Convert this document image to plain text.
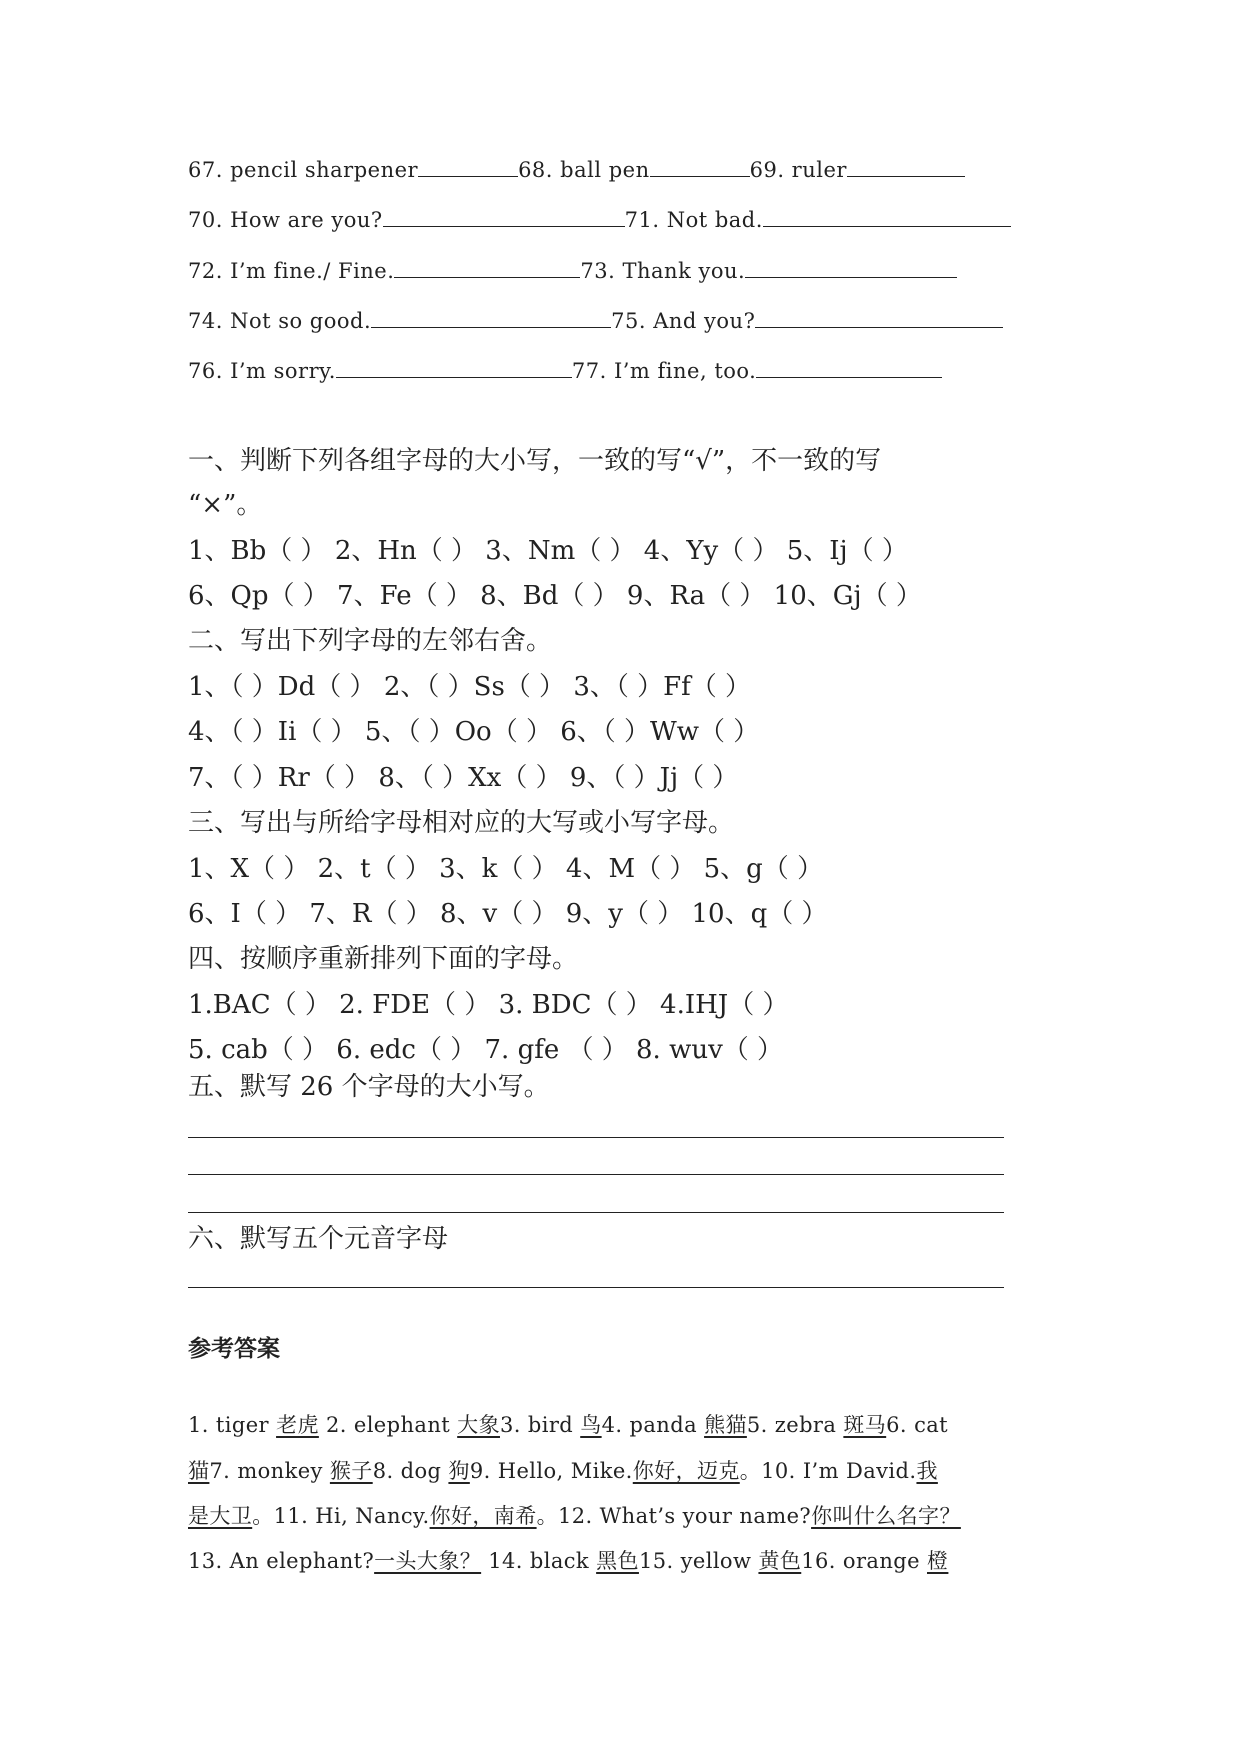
67. pencil sharpener	68. ball pen	69. ruler
70. How are you?	71. Not bad.
72. I’m fine./ Fine.	73. Thank you.
74. Not so good.	75. And you?
76. I’m sorry.	77. I’m fine, too.
一、判断下列各组字母的大小写，一致的写“√”，不一致的写
“×”。
1、Bb（ ） 2、Hn（ ） 3、Nm（ ） 4、Yy（ ） 5、Ij（ ）
6、Qp（ ） 7、Fe（ ） 8、Bd（ ） 9、Ra（ ） 10、Gj（ ）
二、写出下列字母的左邻右舍。
1、（ ）Dd（ ） 2、（ ）Ss（ ） 3、（ ）Ff（ ）
4、（ ）Ii（ ） 5、（ ）Oo（ ） 6、（ ）Ww（ ）
7、（ ）Rr（ ） 8、（ ）Xx（ ） 9、（ ）Jj（ ）
三、写出与所给字母相对应的大写或小写字母。
1、X（ ） 2、t（ ） 3、k（ ） 4、M（ ） 5、g（ ）
6、I（ ） 7、R（ ） 8、v（ ） 9、y（ ） 10、q（ ）
四、按顺序重新排列下面的字母。
1.BAC（ ） 2. FDE（ ） 3. BDC（ ） 4.IHJ（ ）
5. cab（ ） 6. edc（ ） 7. gfe （ ） 8. wuv（ ）
五、默写 26 个字母的大小写。
六、默写五个元音字母
参考答案
1. tiger 老虎 2. elephant 大象3. bird 鸟4. panda 熊猫5. zebra 斑马6. cat
猫7. monkey 猴子8. dog 狗9. Hello, Mike.你好，迈克。10. I’m David.我
是大卫。11. Hi, Nancy.你好，南希。12. What’s your name?你叫什么名字？
13. An elephant?一头大象？ 14. black 黑色15. yellow 黄色16. orange 橙
